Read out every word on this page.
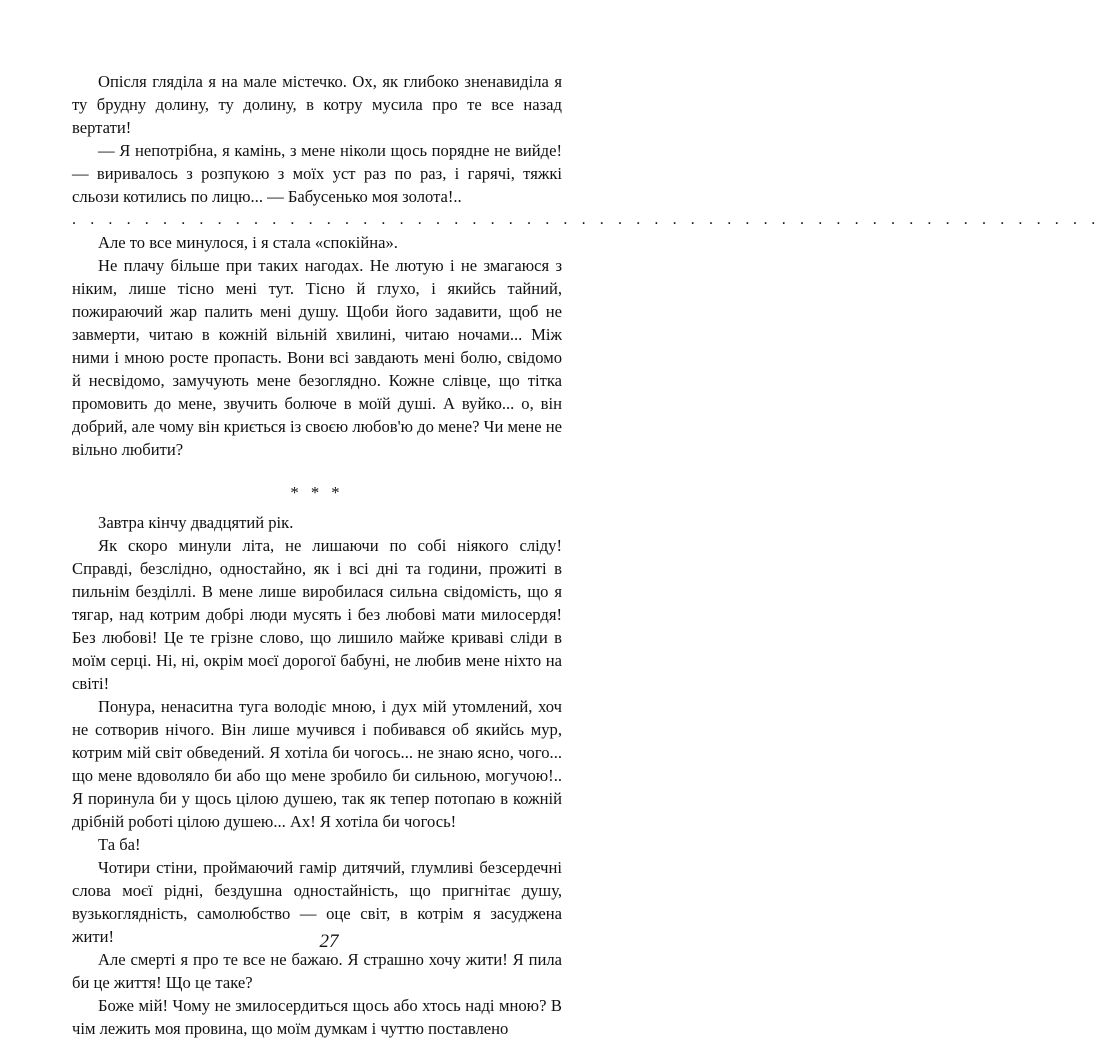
Опісля гляділа я на мале містечко. Ох, як глибоко зненавиділа я ту брудну долину, ту долину, в котру мусила про те все назад вертати!

— Я непотрібна, я камінь, з мене ніколи щось порядне не вийде! — виривалось з розпукою з моїх уст раз по раз, і гарячі, тяжкі сльози котились по лицю... — Бабусенько моя золота!..

. . . . . . . . . . . . . . . . . . . . . . . . . . . . . . . . . . . . . . . . . . . . . . . . . . . . . . . . .

Але то все минулося, і я стала «спокійна».

Не плачу більше при таких нагодах. Не лютую і не змагаюся з ніким, лише тісно мені тут. Тісно й глухо, і якийсь тайний, пожираючий жар палить мені душу. Щоби його задавити, щоб не завмерти, читаю в кожній вільній хвилині, читаю ночами... Між ними і мною росте пропасть. Вони всі завдають мені болю, свідомо й несвідомо, замучують мене безоглядно. Кожне слівце, що тітка промовить до мене, звучить болюче в моїй душі. А вуйко... о, він добрий, але чому він криється із своєю любов'ю до мене? Чи мене не вільно любити?

* * *

Завтра кінчу двадцятий рік.

Як скоро минули літа, не лишаючи по собі ніякого сліду! Справді, безслідно, одностайно, як і всі дні та години, прожиті в пильнім безділлі. В мене лише виробилася сильна свідомість, що я тягар, над котрим добрі люди мусять і без любові мати милосердя! Без любові! Це те грізне слово, що лишило майже криваві сліди в моїм серці. Ні, ні, окрім моєї дорогої бабуні, не любив мене ніхто на світі!

Понура, ненаситна туга володіє мною, і дух мій утомлений, хоч не сотворив нічого. Він лише мучився і побивався об якийсь мур, котрим мій світ обведений. Я хотіла би чогось... не знаю ясно, чого... що мене вдоволяло би або що мене зробило би сильною, могучою!.. Я поринула би у щось цілою душею, так як тепер потопаю в кожній дрібній роботі цілою душею... Ах! Я хотіла би чогось!

Та ба!

Чотири стіни, проймаючий гамір дитячий, глумливі безсердечні слова моєї рідні, бездушна одностайність, що пригнітає душу, вузькоглядність, самолюбство — оце світ, в котрім я засуджена жити!

Але смерті я про те все не бажаю. Я страшно хочу жити! Я пила би це життя! Що це таке?

Боже мій! Чому не змилосердиться щось або хтось наді мною? В чім лежить моя провина, що моїм думкам і чуттю поставлено

27
